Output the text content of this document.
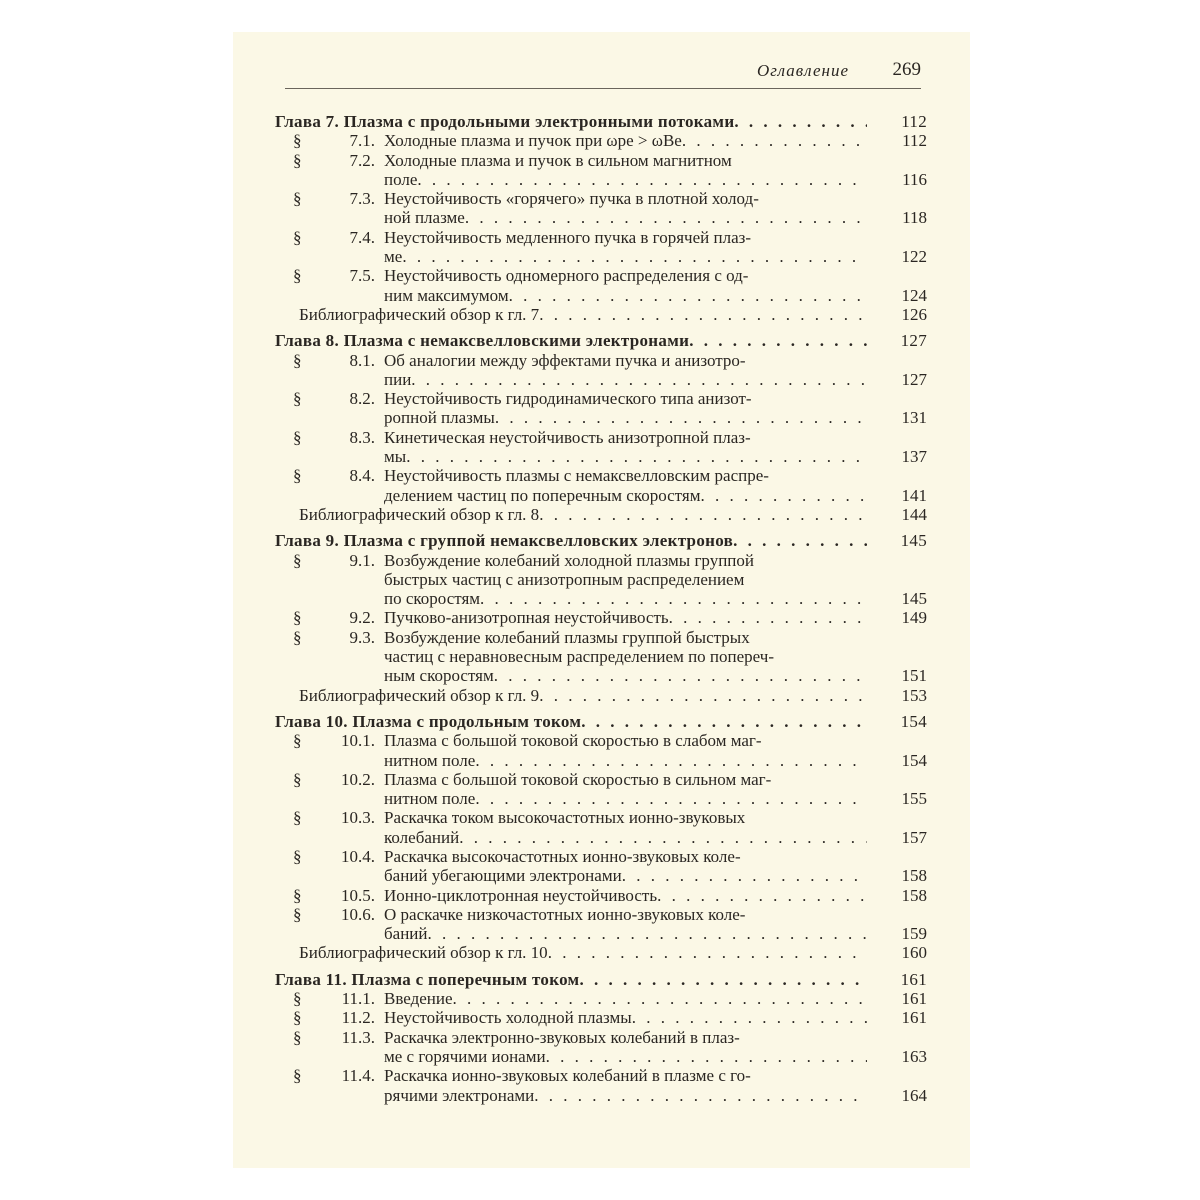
Оглавление 269
Глава 7. Плазма с продольными электронными потоками . . .	112
§	7.1. Холодные плазма и пучок при ωpe > ωBe . . .	112
§	7.2. Холодные плазма и пучок в сильном магнитном
поле . . .	116
§	7.3. Неустойчивость «горячего» пучка в плотной холод-
ной плазме . . .	118
§	7.4. Неустойчивость медленного пучка в горячей плаз-
ме . . .	122
§	7.5. Неустойчивость одномерного распределения с од-
ним максимумом . . .	124
Библиографический обзор к гл. 7 . . .	126
Глава 8. Плазма с немаксвелловскими электронами . . .	127
§	8.1. Об аналогии между эффектами пучка и анизотро-
пии . . .	127
§	8.2. Неустойчивость гидродинамического типа анизот-
ропной плазмы . . .	131
§	8.3. Кинетическая неустойчивость анизотропной плаз-
мы . . .	137
§	8.4. Неустойчивость плазмы с немаксвелловским распре-
делением частиц по поперечным скоростям . . .	141
Библиографический обзор к гл. 8 . . .	144
Глава 9. Плазма с группой немаксвелловских электронов . . .	145
§	9.1. Возбуждение колебаний холодной плазмы группой
быстрых частиц с анизотропным распределением
по скоростям . . .	145
§	9.2. Пучково-анизотропная неустойчивость . . .	149
§	9.3. Возбуждение колебаний плазмы группой быстрых
частиц с неравновесным распределением по попереч-
ным скоростям . . .	151
Библиографический обзор к гл. 9 . . .	153
Глава 10. Плазма с продольным током . . .	154
§	10.1. Плазма с большой токовой скоростью в слабом маг-
нитном поле . . .	154
§	10.2. Плазма с большой токовой скоростью в сильном маг-
нитном поле . . .	155
§	10.3. Раскачка током высокочастотных ионно-звуковых
колебаний . . .	157
§	10.4. Раскачка высокочастотных ионно-звуковых коле-
баний убегающими электронами . . .	158
§	10.5. Ионно-циклотронная неустойчивость . . .	158
§	10.6. О раскачке низкочастотных ионно-звуковых коле-
баний . . .	159
Библиографический обзор к гл. 10 . . .	160
Глава 11. Плазма с поперечным током . . .	161
§	11.1. Введение . . .	161
§	11.2. Неустойчивость холодной плазмы . . .	161
§	11.3. Раскачка электронно-звуковых колебаний в плаз-
ме с горячими ионами . . .	163
§	11.4. Раскачка ионно-звуковых колебаний в плазме с го-
рячими электронами . . .	164
